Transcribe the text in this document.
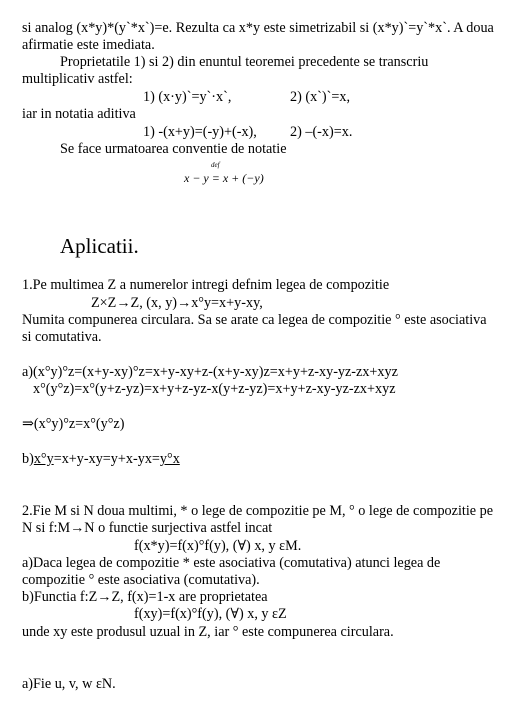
si analog (x*y)*(y`*x`)=e. Rezulta ca x*y este simetrizabil si (x*y)`=y`*x`. A doua
afirmatie este imediata.
Proprietatile 1) si 2) din enuntul teoremei precedente se transcriu
multiplicativ astfel:
1) (x·y)`=y`·x`,	2) (x`)`=x,
iar in notatia aditiva
1) -(x+y)=(-y)+(-x), 2) –(-x)=x.
Se face urmatoarea conventie de notatie
def
x − y = x + (−y)
Aplicatii.
1.Pe multimea Z a numerelor intregi defnim legea de compozitie
Z×Z→Z, (x, y)→x°y=x+y-xy,
Numita compunerea circulara. Sa se arate ca legea de compozitie ° este asociativa
si comutativa.
a)(x°y)°z=(x+y-xy)°z=x+y-xy+z-(x+y-xy)z=x+y+z-xy-yz-zx+xyz
x°(y°z)=x°(y+z-yz)=x+y+z-yz-x(y+z-yz)=x+y+z-xy-yz-zx+xyz
⇒(x°y)°z=x°(y°z)
b)x°y=x+y-xy=y+x-yx=y°x
2.Fie M si N doua multimi, * o lege de compozitie pe M, ° o lege de compozitie pe
N si f:M→N o functie surjectiva astfel incat
f(x*y)=f(x)°f(y), (∀) x, y εM.
a)Daca legea de compozitie * este asociativa (comutativa) atunci legea de
compozitie ° este asociativa (comutativa).
b)Functia f:Z→Z, f(x)=1-x are proprietatea
f(xy)=f(x)°f(y), (∀) x, y εZ
unde xy este produsul uzual in Z, iar ° este compunerea circulara.
a)Fie u, v, w εN.
